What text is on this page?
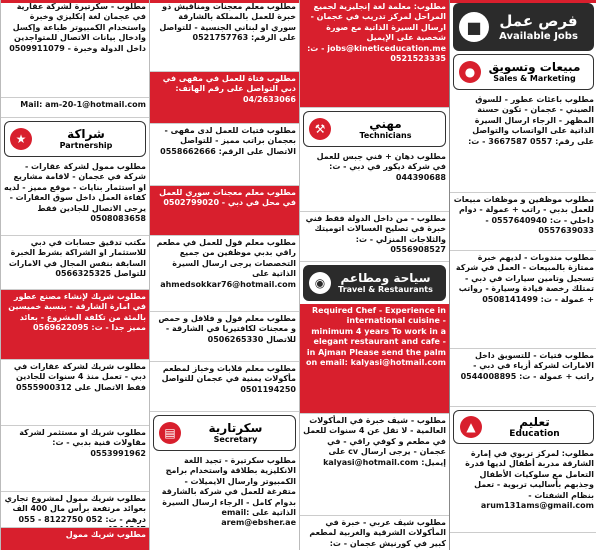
■	فرص عمل
Available Jobs
●	مبيعات وتسويق
Sales & Marketing
مطلوب باعئات عطور - للسوق الصيني - عجمان - تكون حسنة المظهر - الرجاء ارسال السيرة الذاتية على الواتساب والتواصل على رقم: 0557 3667587 - ت:
مطلوب موظفين و موظفات مبيعات للعمل بدبي - راتب + عمولة - دوام داخلي - ت: 0557640940 - 0557639033
مطلوب مندوبات - لديهم خبرة ممتازة بالمبيعات - العمل في شركة تسجيل وتامين سيارات في دبي - تمتلك رخصة قيادة وسيارة - رواتب + عمولة - ت: 0508141499
مطلوب فتيات - للتسويق داخل الامارات لشركة أزياء في دبي - راتب + عمولة - ت: 0544008895
▲	تعليم
Education
مطلوب: لمركز تربوي في إمارة الشارقة مدربة أطفال لديها قدرة التعامل مع سلوكيات الأطفال وجذبهم بأساليب تربوية - تعمل بنظام الشفتات - arum131ams@gmail.com
مطلوب: معلمة لغة إنجليزية لجميع المراحل لمركز تدريب في عجمان - ارسال السيرة الذاتية مع صورة شخصية على الإيميل jobs@kineticeducation.me - ت: 0521523335
⚒	مهني
Technicians
مطلوب دهان + فني جبس للعمل في شركة ديكور في دبي - ت: 044390688
مطلوب - من داخل الدولة فقط فني خبرة في تصليح الغسالات اتوميتك والثلاجات المنزلي - ت: 0556908527
◉	سياحة ومطاعم
Travel & Restaurants
Required Chef - Experience in international cuisine - minimum 4 years To work in a elegant restaurant and cafe - in Ajman Please send the palm on email: kalyasi@hotmail.com
مطلوب - شيف خبرة في المأكولات العالمية - لا تقل عن 4 سنوات للعمل في مطعم و كوفي راقي - في عجمان - يرجى ارسال cv على إيميل: kalyasi@hotmail.com
مطلوب شيف عربي - خبرة في المأكولات الشرقية والغربية لمطعم كبير في كورنيش عجمان - ت:
مطلوب معلم معجنات ومناقيش ذو خبرة للعمل بالمملكة بالشارقة سوري او لبناني الجنسية - للتواصل على الرقم: 0521757763
مطلوب فتاة للعمل في مقهى في دبي التواصل على رقم الهاتف: 04/2633066
مطلوب فتيات للعمل لدى مقهى - بعجمان براتب مميز - للتواصل الاتصال على الرقم: 0558662666
مطلوب معلم معجنات سوري للعمل في محل في دبي - 0502799020
مطلوب معلم فول للعمل في مطعم راقي بدبي موظفين من جميع التخصصات يرجى ارسال السيرة الذاتية على ahmedsokkar76@hotmail.com
مطلوب معلم فول و فلافل و حمص و معجنات لكافتيريا في الشارقة - للاتصال 0506265330
مطلوب معلم قلابات وخباز لمطعم مأكولات يمنية في عجمان للتواصل 0501194250
▤	سكرتارية
Secretary
مطلوب سكرتيرة - تجيد اللغة الانكليزية بطلاقة واستخدام برامج الكمبيوتر وارسال الايميلات - متفرغة للعمل في شركة بالشارقة بدوام كامل - الرجاء ارسال السيرة الذاتية على email: arem@ebsher.ae
مطلوب - سكرتيرة لشركة عقارية في عجمان لغة إنكليزي وخبرة واستخدام الكمبيوتر طباعة وإكسل وادخال بيانات الاتصال للمتواجدين داخل الدولة وخبرة - 0509911079
Mail: am-20-1@hotmail.com
★	شراكة
Partnership
مطلوب ممول لشركة عقارات - شركة في عجمان - لاقامة مشاريع او استثمار بنايات - موقع مميز - لديه كفاءة العمل داخل سوق العقارات - يرجى الاتصال للجادين فقط 0508083658
مكتب تدقيق حسابات في دبي للاستثمار او الشراكة بشرط الخبرة السابقة بنفس المجال في الامارات للتواصل 0566325325
مطلوب شريك لإنشاء مصنع عطور في امارة الشارقة - بنسبة خميسين بالمئة من تكلفة المشروع - بعائد مميز جدا - ت: 0569622095
مطلوب شريك لشركة عقارات في دبي - تعمل منذ 4 سنوات للجادين فقط الاتصال على 0555900312
مطلوب شريك او مستثمر لشركة مقاولات فنية بدبي - ت: 0553991962
مطلوب شريك ممول لمشروع تجاري بعوائد مرتفعة برأس مال 400 الف درهم - ت: 052 8122750 - 055
مطلوب شريك ممول
